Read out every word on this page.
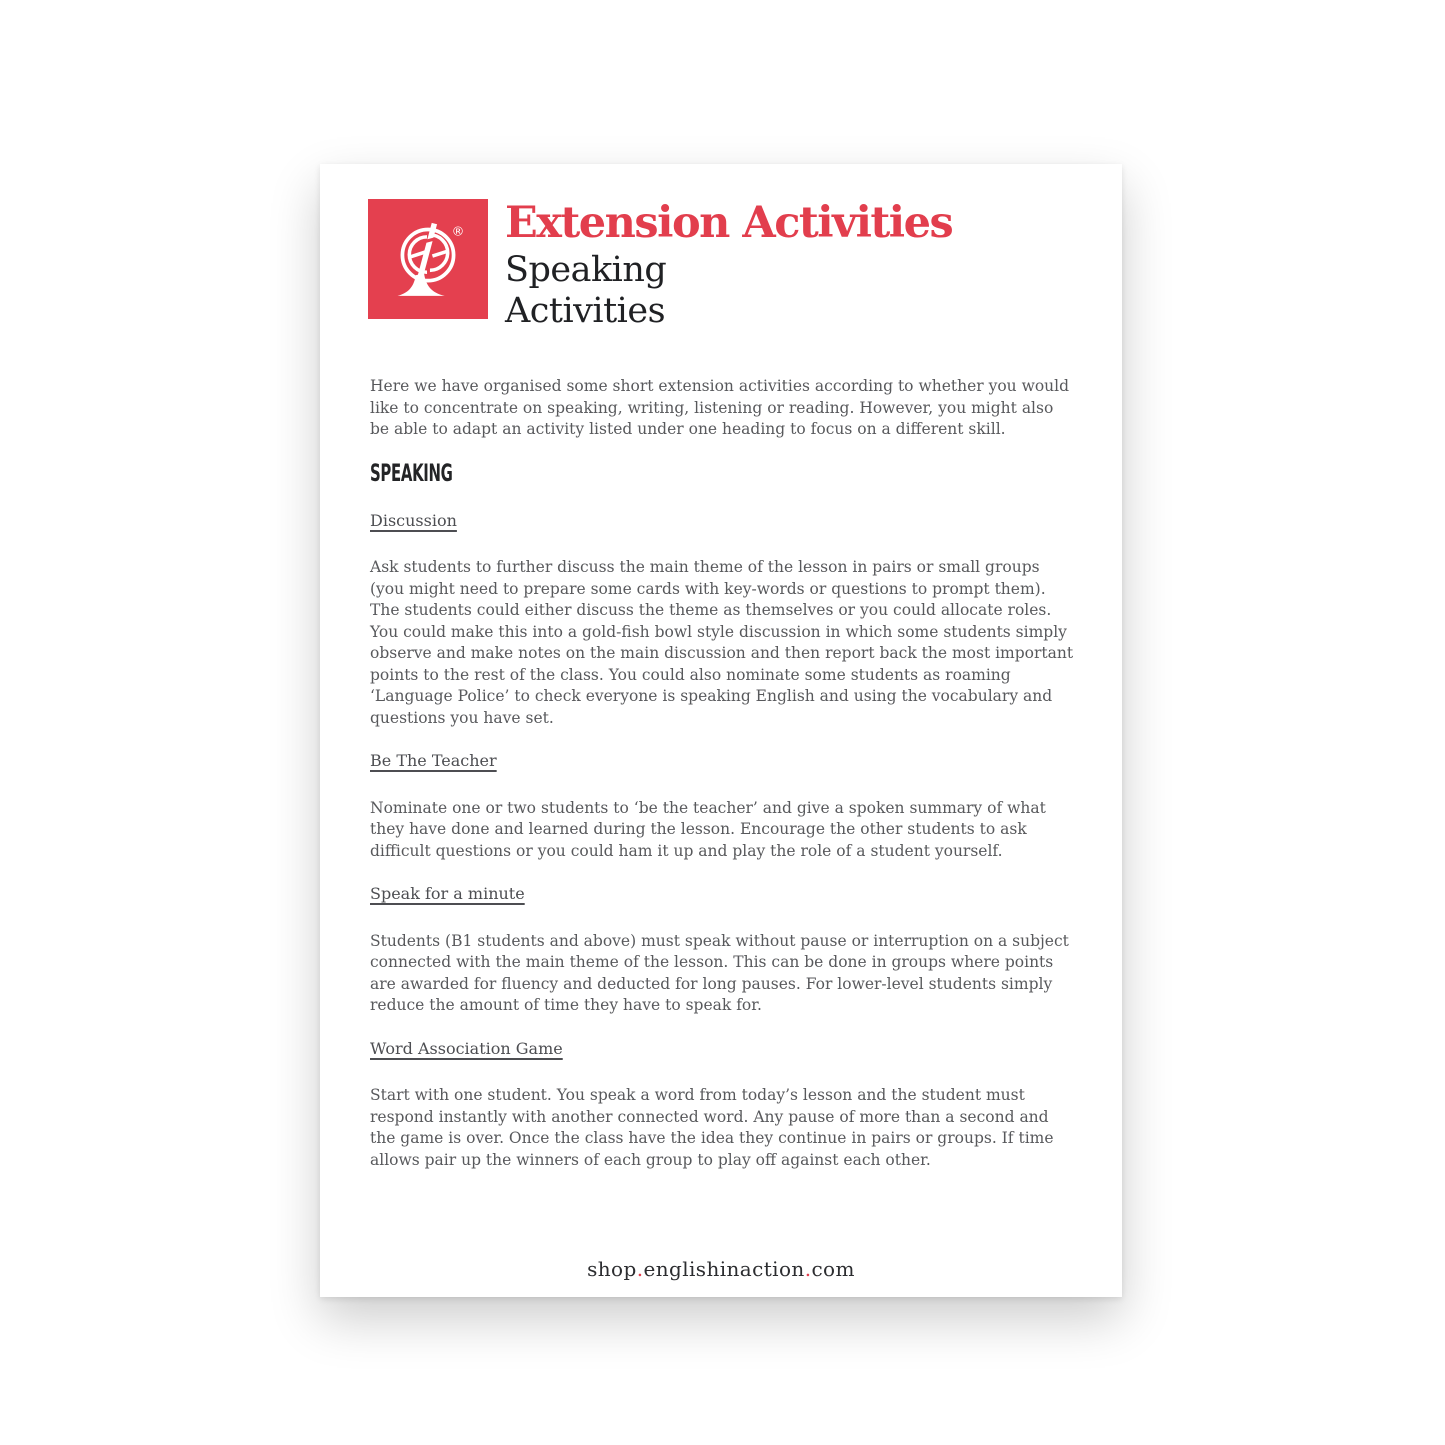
® Extension Activities
Speaking
Activities

Here we have organised some short extension activities according to whether you would like to concentrate on speaking, writing, listening or reading. However, you might also be able to adapt an activity listed under one heading to focus on a different skill.

SPEAKING
Discussion

Ask students to further discuss the main theme of the lesson in pairs or small groups (you might need to prepare some cards with key-words or questions to prompt them). The students could either discuss the theme as themselves or you could allocate roles. You could make this into a gold-fish bowl style discussion in which some students simply observe and make notes on the main discussion and then report back the most important points to the rest of the class. You could also nominate some students as roaming ‘Language Police’ to check everyone is speaking English and using the vocabulary and questions you have set.

Be The Teacher

Nominate one or two students to ‘be the teacher’ and give a spoken summary of what they have done and learned during the lesson. Encourage the other students to ask difficult questions or you could ham it up and play the role of a student yourself.

Speak for a minute

Students (B1 students and above) must speak without pause or interruption on a subject connected with the main theme of the lesson. This can be done in groups where points are awarded for fluency and deducted for long pauses. For lower-level students simply reduce the amount of time they have to speak for.

Word Association Game

Start with one student. You speak a word from today’s lesson and the student must respond instantly with another connected word. Any pause of more than a second and the game is over. Once the class have the idea they continue in pairs or groups. If time allows pair up the winners of each group to play off against each other.

shop.englishinaction.com
